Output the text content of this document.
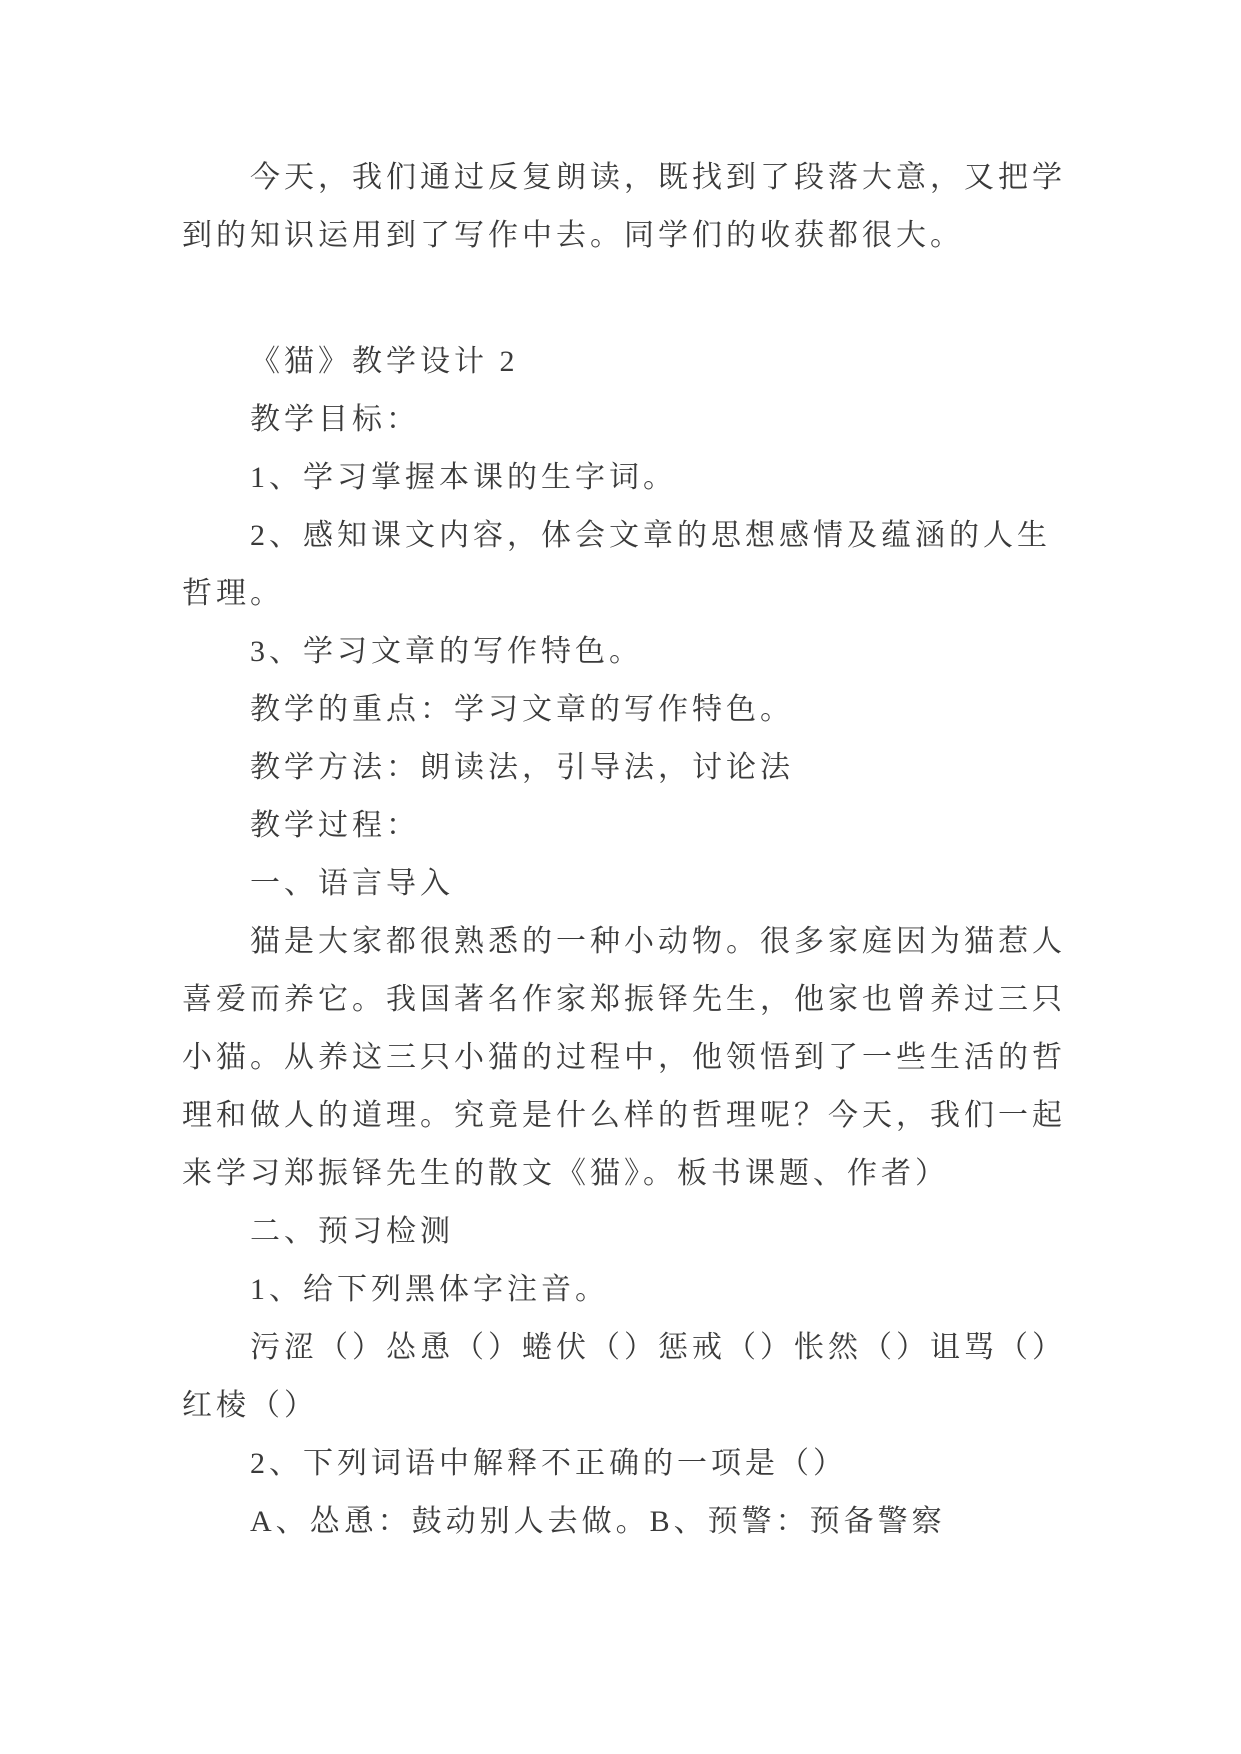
今天，我们通过反复朗读，既找到了段落大意，又把学
到的知识运用到了写作中去。同学们的收获都很大。
《猫》教学设计 2
教学目标：
1、学习掌握本课的生字词。
2、感知课文内容，体会文章的思想感情及蕴涵的人生
哲理。
3、学习文章的写作特色。
教学的重点：学习文章的写作特色。
教学方法：朗读法，引导法，讨论法
教学过程：
一、语言导入
猫是大家都很熟悉的一种小动物。很多家庭因为猫惹人
喜爱而养它。我国著名作家郑振铎先生，他家也曾养过三只
小猫。从养这三只小猫的过程中，他领悟到了一些生活的哲
理和做人的道理。究竟是什么样的哲理呢？今天，我们一起
来学习郑振铎先生的散文《猫》。板书课题、作者）
二、预习检测
1、给下列黑体字注音。
污涩（）怂恿（）蜷伏（）惩戒（）怅然（）诅骂（）
红棱（）
2、下列词语中解释不正确的一项是（）
A、怂恿：鼓动别人去做。B、预警：预备警察
